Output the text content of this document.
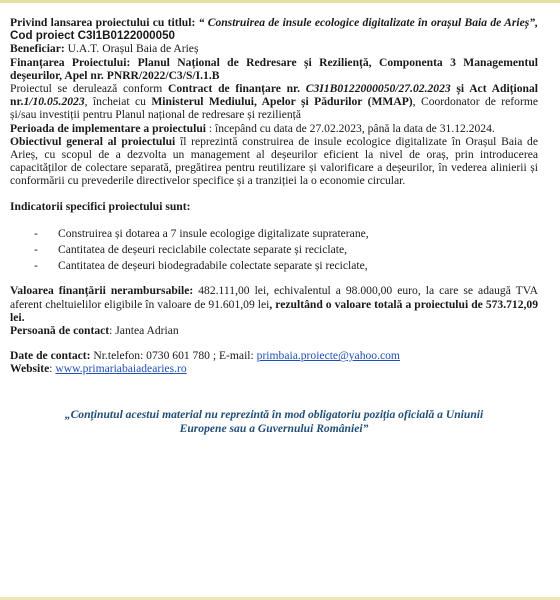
Privind lansarea proiectului cu titlul: “ Construirea de insule ecologice digitalizate în orașul Baia de Arieș”, Cod proiect C3I1B0122000050

Beneficiar: U.A.T. Orașul Baia de Arieș

Finanțarea Proiectului: Planul Național de Redresare și Reziliență, Componenta 3 Managementul deșeurilor, Apel nr. PNRR/2022/C3/S/I.1.B

Proiectul se derulează conform Contract de finanțare nr. C3I1B0122000050/27.02.2023 și Act Adițional nr.1/10.05.2023, încheiat cu Ministerul Mediului, Apelor și Pădurilor (MMAP), Coordonator de reforme și/sau investiții pentru Planul național de redresare și reziliență

Perioada de implementare a proiectului : începând cu data de 27.02.2023, până la data de 31.12.2024.

Obiectivul general al proiectului îl reprezintă construirea de insule ecologice digitalizate în Orașul Baia de Arieș, cu scopul de a dezvolta un management al deșeurilor eficient la nivel de oraș, prin introducerea capacităților de colectare separată, pregătirea pentru reutilizare și valorificare a deșeurilor, în vederea alinierii și conformării cu prevederile directivelor specifice și a tranziției la o economie circular.

Indicatorii specifici proiectului sunt:

- Construirea și dotarea a 7 insule ecologige digitalizate supraterane,
- Cantitatea de deșeuri reciclabile colectate separate și reciclate,
- Cantitatea de deșeuri biodegradabile colectate separate și reciclate,

Valoarea finanțării nerambursabile: 482.111,00 lei, echivalentul a 98.000,00 euro, la care se adaugă TVA aferent cheltuielilor eligibile în valoare de 91.601,09 lei, rezultând o valoare totală a proiectului de 573.712,09 lei.

Persoană de contact: Jantea Adrian

Date de contact: Nr.telefon: 0730 601 780 ; E-mail: primbaia.proiecte@yahoo.com

Website: www.primariabaiadearies.ro

„Conținutul acestui material nu reprezintă în mod obligatoriu poziția oficială a Uniunii
Europene sau a Guvernului României”
